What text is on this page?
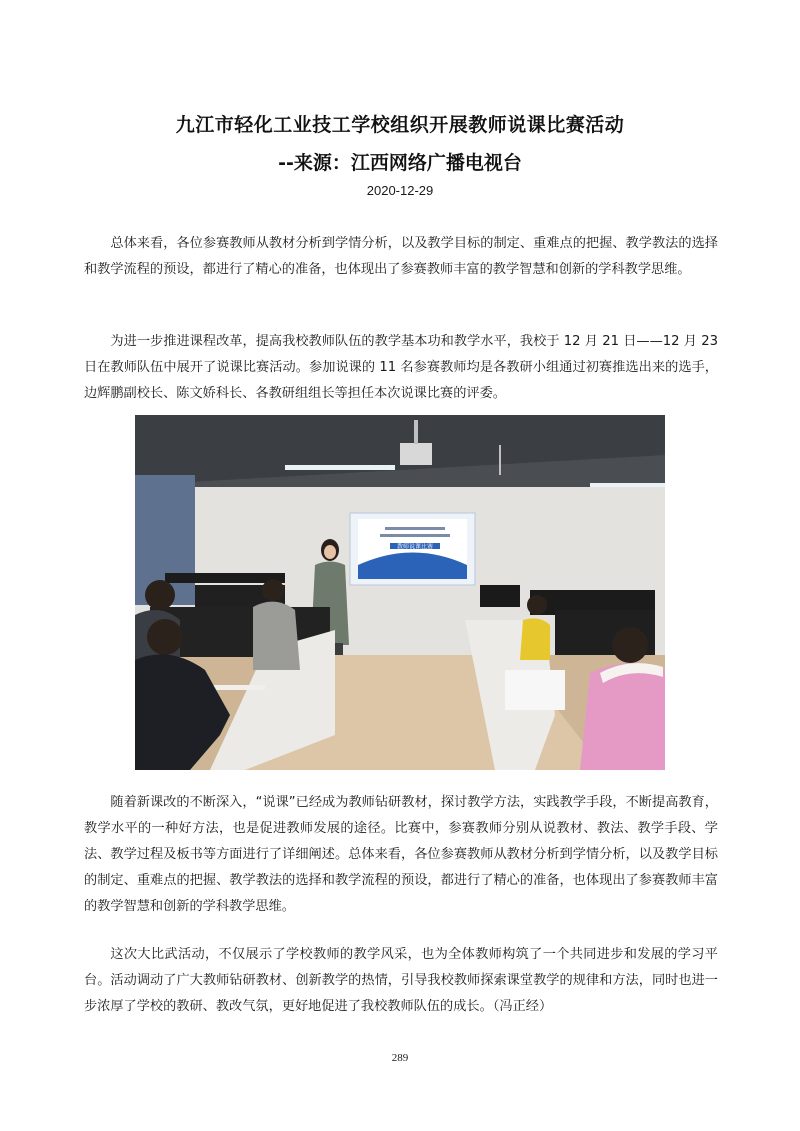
九江市轻化工业技工学校组织开展教师说课比赛活动
--来源：江西网络广播电视台
2020-12-29

总体来看，各位参赛教师从教材分析到学情分析，以及教学目标的制定、重难点的把握、教学教法的选择和教学流程的预设，都进行了精心的准备，也体现出了参赛教师丰富的教学智慧和创新的学科教学思维。

为进一步推进课程改革，提高我校教师队伍的教学基本功和教学水平，我校于 12 月 21 日——12 月 23 日在教师队伍中展开了说课比赛活动。参加说课的 11 名参赛教师均是各教研小组通过初赛推选出来的选手，边辉鹏副校长、陈文娇科长、各教研组组长等担任本次说课比赛的评委。

教师说课比赛

随着新课改的不断深入，“说课”已经成为教师钻研教材，探讨教学方法，实践教学手段，不断提高教育，教学水平的一种好方法，也是促进教师发展的途径。比赛中，参赛教师分别从说教材、教法、教学手段、学法、教学过程及板书等方面进行了详细阐述。总体来看，各位参赛教师从教材分析到学情分析，以及教学目标的制定、重难点的把握、教学教法的选择和教学流程的预设，都进行了精心的准备，也体现出了参赛教师丰富的教学智慧和创新的学科教学思维。

这次大比武活动，不仅展示了学校教师的教学风采，也为全体教师构筑了一个共同进步和发展的学习平台。活动调动了广大教师钻研教材、创新教学的热情，引导我校教师探索课堂教学的规律和方法，同时也进一步浓厚了学校的教研、教改气氛，更好地促进了我校教师队伍的成长。（冯正经）

289
